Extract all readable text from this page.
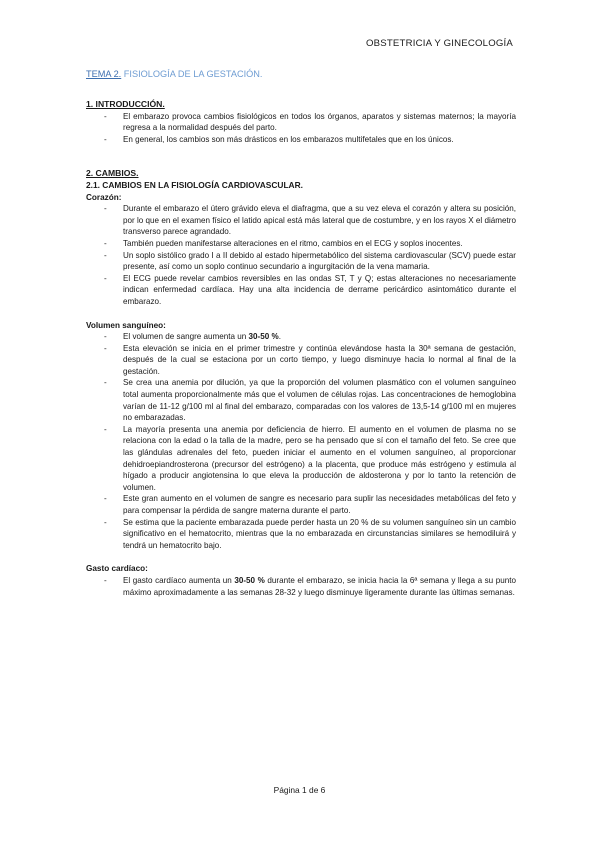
OBSTETRICIA Y GINECOLOGÍA

TEMA 2. FISIOLOGÍA DE LA GESTACIÓN.

1. INTRODUCCIÓN.

- El embarazo provoca cambios fisiológicos en todos los órganos, aparatos y sistemas maternos; la mayoría regresa a la normalidad después del parto.
- En general, los cambios son más drásticos en los embarazos multifetales que en los únicos.

2. CAMBIOS.

2.1. CAMBIOS EN LA FISIOLOGÍA CARDIOVASCULAR.

Corazón:

- Durante el embarazo el útero grávido eleva el diafragma, que a su vez eleva el corazón y altera su posición, por lo que en el examen físico el latido apical está más lateral que de costumbre, y en los rayos X el diámetro transverso parece agrandado.
- También pueden manifestarse alteraciones en el ritmo, cambios en el ECG y soplos inocentes.
- Un soplo sistólico grado I a II debido al estado hipermetabólico del sistema cardiovascular (SCV) puede estar presente, así como un soplo continuo secundario a ingurgitación de la vena mamaria.
- El ECG puede revelar cambios reversibles en las ondas ST, T y Q; estas alteraciones no necesariamente indican enfermedad cardíaca. Hay una alta incidencia de derrame pericárdico asintomático durante el embarazo.

Volumen sanguíneo:

- El volumen de sangre aumenta un 30-50 %.
- Esta elevación se inicia en el primer trimestre y continúa elevándose hasta la 30ª semana de gestación, después de la cual se estaciona por un corto tiempo, y luego disminuye hacia lo normal al final de la gestación.
- Se crea una anemia por dilución, ya que la proporción del volumen plasmático con el volumen sanguíneo total aumenta proporcionalmente más que el volumen de células rojas. Las concentraciones de hemoglobina varían de 11-12 g/100 ml al final del embarazo, comparadas con los valores de 13,5-14 g/100 ml en mujeres no embarazadas.
- La mayoría presenta una anemia por deficiencia de hierro. El aumento en el volumen de plasma no se relaciona con la edad o la talla de la madre, pero se ha pensado que sí con el tamaño del feto. Se cree que las glándulas adrenales del feto, pueden iniciar el aumento en el volumen sanguíneo, al proporcionar dehidroepiandrosterona (precursor del estrógeno) a la placenta, que produce más estrógeno y estimula al hígado a producir angiotensina lo que eleva la producción de aldosterona y por lo tanto la retención de volumen.
- Este gran aumento en el volumen de sangre es necesario para suplir las necesidades metabólicas del feto y para compensar la pérdida de sangre materna durante el parto.
- Se estima que la paciente embarazada puede perder hasta un 20 % de su volumen sanguíneo sin un cambio significativo en el hematocrito, mientras que la no embarazada en circunstancias similares se hemodiluirá y tendrá un hematocrito bajo.

Gasto cardíaco:

- El gasto cardíaco aumenta un 30-50 % durante el embarazo, se inicia hacia la 6ª semana y llega a su punto máximo aproximadamente a las semanas 28-32 y luego disminuye ligeramente durante las últimas semanas.
Página 1 de 6
